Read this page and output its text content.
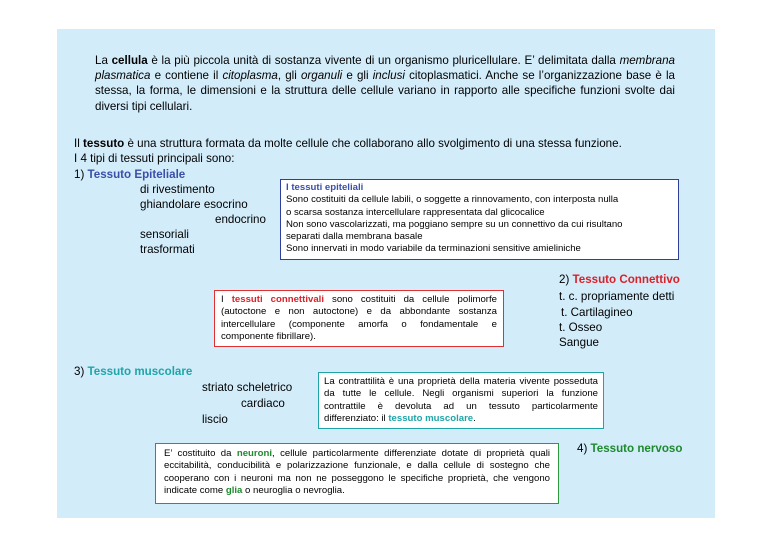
La cellula è la più piccola unità di sostanza vivente di un organismo pluricellulare. E’ delimitata dalla membrana plasmatica e contiene il citoplasma, gli organuli e gli inclusi citoplasmatici. Anche se l’organizzazione base è la stessa, la forma, le dimensioni e la struttura delle cellule variano in rapporto alle specifiche funzioni svolte dai diversi tipi cellulari.
Il tessuto è una struttura formata da molte cellule che collaborano allo svolgimento di una stessa funzione.
I 4 tipi di tessuti principali sono:
1) Tessuto Epiteliale
di rivestimento
ghiandolare esocrino
endocrino
sensoriali
trasformati
I tessuti epiteliali
Sono costituiti da cellule labili, o soggette a rinnovamento, con interposta nulla
o scarsa sostanza intercellulare rappresentata dal glicocalice
Non sono vascolarizzati, ma poggiano sempre su un connettivo da cui risultano
separati dalla membrana basale
Sono innervati in modo variabile da terminazioni sensitive amieliniche
2) Tessuto Connettivo
t. c. propriamente detti
t. Cartilagineo
t. Osseo
Sangue
I tessuti connettivali sono costituiti da cellule polimorfe (autoctone e non autoctone) e da abbondante sostanza intercellulare (componente amorfa o fondamentale e componente fibrillare).
3) Tessuto muscolare
striato scheletrico
cardiaco
liscio
La contrattilità è una proprietà della materia vivente posseduta da tutte le cellule. Negli organismi superiori la funzione contrattile è devoluta ad un tessuto particolarmente differenziato: il tessuto muscolare.
4) Tessuto nervoso
E’ costituito da neuroni, cellule particolarmente differenziate dotate di proprietà quali eccitabilità, conducibilità e polarizzazione funzionale, e dalla cellule di sostegno che cooperano con i neuroni ma non ne posseggono le specifiche proprietà, che vengono indicate come glia o neuroglia o nevroglia.
